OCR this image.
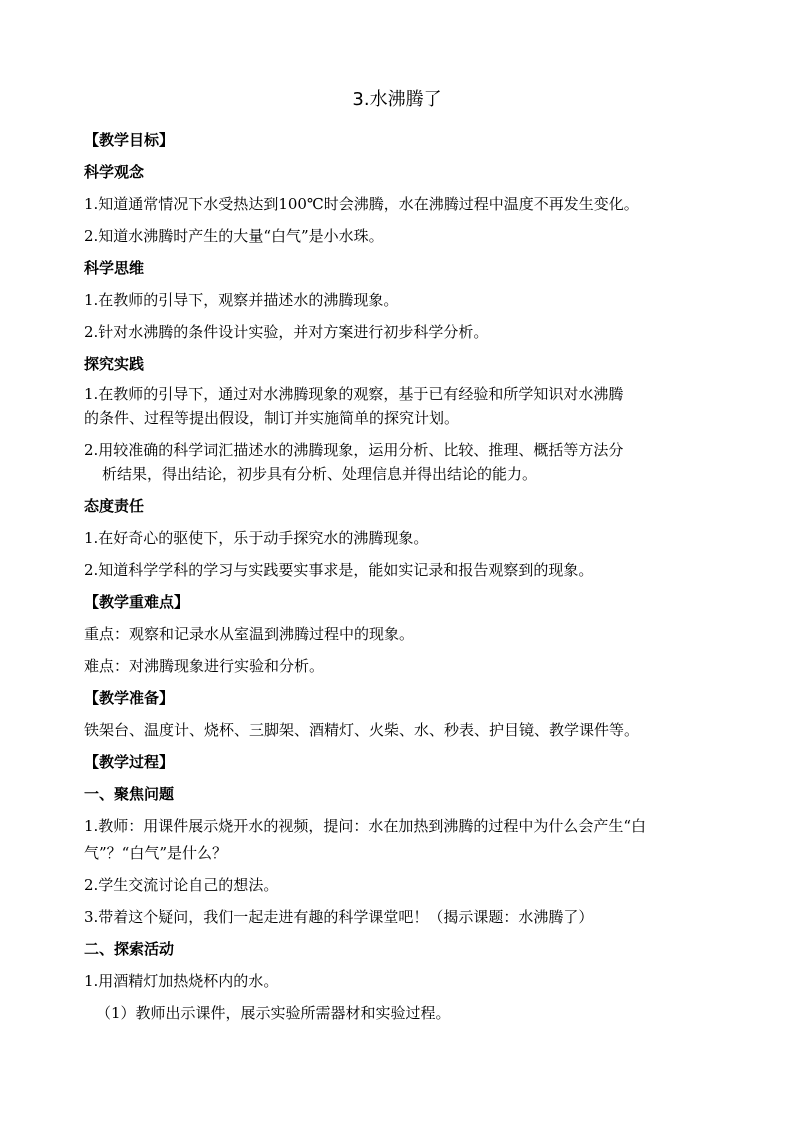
3.水沸腾了
【教学目标】
科学观念
1.知道通常情况下水受热达到100℃时会沸腾，水在沸腾过程中温度不再发生变化。
2.知道水沸腾时产生的大量“白气”是小水珠。
科学思维
1.在教师的引导下，观察并描述水的沸腾现象。
2.针对水沸腾的条件设计实验，并对方案进行初步科学分析。
探究实践
1.在教师的引导下，通过对水沸腾现象的观察，基于已有经验和所学知识对水沸腾
的条件、过程等提出假设，制订并实施简单的探究计划。
2.用较准确的科学词汇描述水的沸腾现象，运用分析、比较、推理、概括等方法分
析结果，得出结论，初步具有分析、处理信息并得出结论的能力。
态度责任
1.在好奇心的驱使下，乐于动手探究水的沸腾现象。
2.知道科学学科的学习与实践要实事求是，能如实记录和报告观察到的现象。
【教学重难点】
重点：观察和记录水从室温到沸腾过程中的现象。
难点：对沸腾现象进行实验和分析。
【教学准备】
铁架台、温度计、烧杯、三脚架、酒精灯、火柴、水、秒表、护目镜、教学课件等。
【教学过程】
一、聚焦问题
1.教师：用课件展示烧开水的视频，提问：水在加热到沸腾的过程中为什么会产生“白
气”？“白气”是什么？
2.学生交流讨论自己的想法。
3.带着这个疑问，我们一起走进有趣的科学课堂吧！（揭示课题：水沸腾了）
二、探索活动
1.用酒精灯加热烧杯内的水。
（1）教师出示课件，展示实验所需器材和实验过程。
